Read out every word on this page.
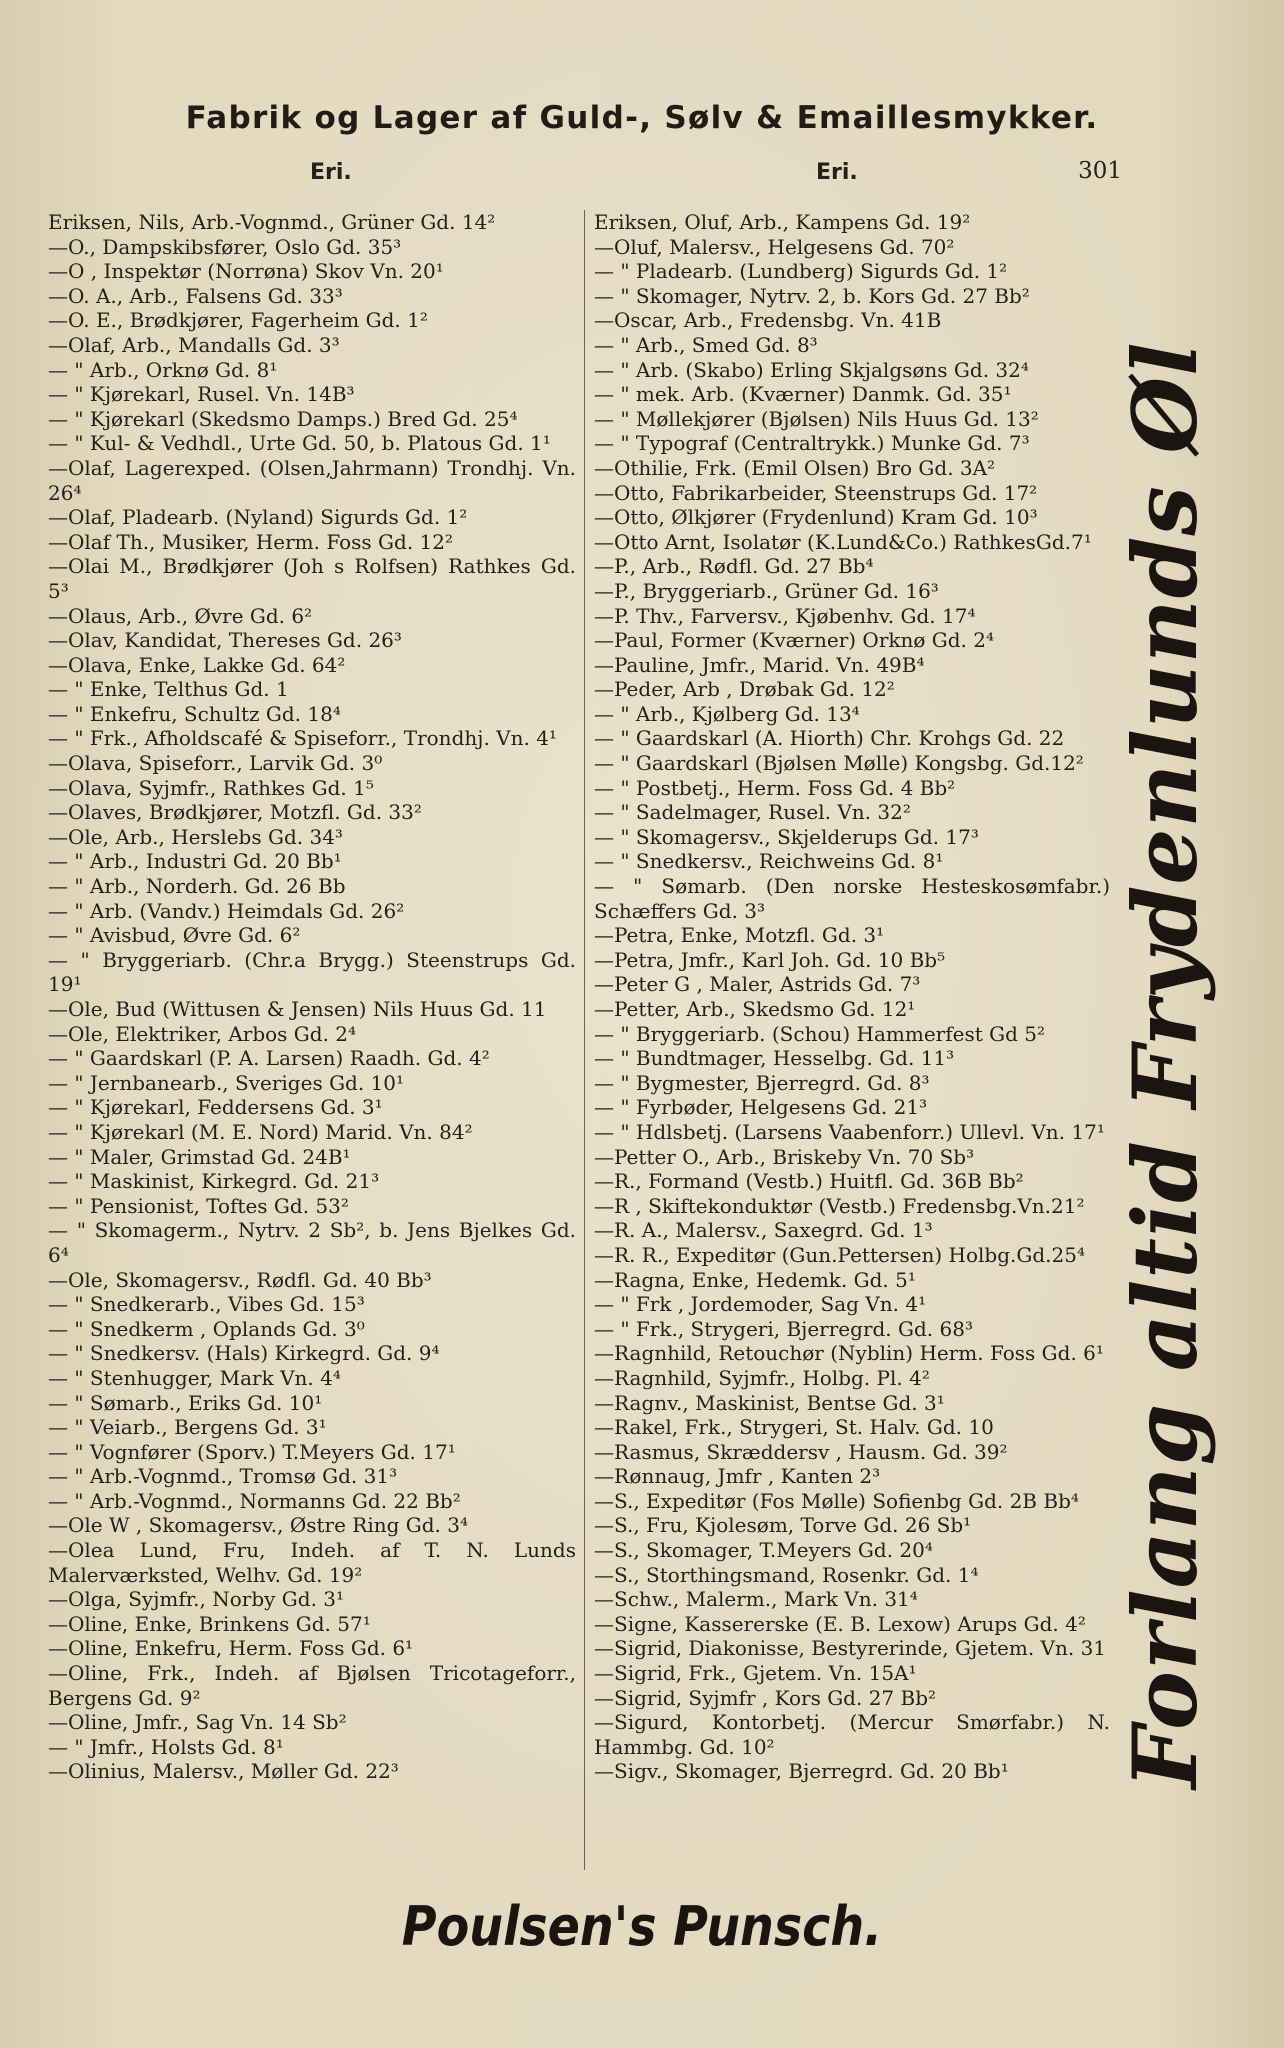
Fabrik og Lager af Guld-, Sølv & Emaillesmykker.
Eri.	Eri.	301
Eriksen, Nils, Arb.-Vognmd., Grüner Gd. 14²
—O., Dampskibsfører, Oslo Gd. 35³
—O , Inspektør (Norrøna) Skov Vn. 20¹
—O. A., Arb., Falsens Gd. 33³
—O. E., Brødkjører, Fagerheim Gd. 1²
—Olaf, Arb., Mandalls Gd. 3³
— " Arb., Orknø Gd. 8¹
— " Kjørekarl, Rusel. Vn. 14B³
— " Kjørekarl (Skedsmo Damps.) Bred Gd. 25⁴
— " Kul- & Vedhdl., Urte Gd. 50, b. Platous Gd. 1¹
—Olaf, Lagerexped. (Olsen,Jahrmann) Trondhj. Vn. 26⁴
—Olaf, Pladearb. (Nyland) Sigurds Gd. 1²
—Olaf Th., Musiker, Herm. Foss Gd. 12²
—Olai M., Brødkjører (Joh s Rolfsen) Rathkes Gd. 5³
—Olaus, Arb., Øvre Gd. 6²
—Olav, Kandidat, Thereses Gd. 26³
—Olava, Enke, Lakke Gd. 64²
— " Enke, Telthus Gd. 1
— " Enkefru, Schultz Gd. 18⁴
— " Frk., Afholdscafé & Spiseforr., Trondhj. Vn. 4¹
—Olava, Spiseforr., Larvik Gd. 3⁰
—Olava, Syjmfr., Rathkes Gd. 1⁵
—Olaves, Brødkjører, Motzfl. Gd. 33²
—Ole, Arb., Herslebs Gd. 34³
— " Arb., Industri Gd. 20 Bb¹
— " Arb., Norderh. Gd. 26 Bb
— " Arb. (Vandv.) Heimdals Gd. 26²
— " Avisbud, Øvre Gd. 6²
— " Bryggeriarb. (Chr.a Brygg.) Steenstrups Gd. 19¹
—Ole, Bud (Wittusen & Jensen) Nils Huus Gd. 11
—Ole, Elektriker, Arbos Gd. 2⁴
— " Gaardskarl (P. A. Larsen) Raadh. Gd. 4²
— " Jernbanearb., Sveriges Gd. 10¹
— " Kjørekarl, Feddersens Gd. 3¹
— " Kjørekarl (M. E. Nord) Marid. Vn. 84²
— " Maler, Grimstad Gd. 24B¹
— " Maskinist, Kirkegrd. Gd. 21³
— " Pensionist, Toftes Gd. 53²
— " Skomagerm., Nytrv. 2 Sb², b. Jens Bjelkes Gd. 6⁴
—Ole, Skomagersv., Rødfl. Gd. 40 Bb³
— " Snedkerarb., Vibes Gd. 15³
— " Snedkerm , Oplands Gd. 3⁰
— " Snedkersv. (Hals) Kirkegrd. Gd. 9⁴
— " Stenhugger, Mark Vn. 4⁴
— " Sømarb., Eriks Gd. 10¹
— " Veiarb., Bergens Gd. 3¹
— " Vognfører (Sporv.) T.Meyers Gd. 17¹
— " Arb.-Vognmd., Tromsø Gd. 31³
— " Arb.-Vognmd., Normanns Gd. 22 Bb²
—Ole W , Skomagersv., Østre Ring Gd. 3⁴
—Olea Lund, Fru, Indeh. af T. N. Lunds Malerværksted, Welhv. Gd. 19²
—Olga, Syjmfr., Norby Gd. 3¹
—Oline, Enke, Brinkens Gd. 57¹
—Oline, Enkefru, Herm. Foss Gd. 6¹
—Oline, Frk., Indeh. af Bjølsen Tricotageforr., Bergens Gd. 9²
—Oline, Jmfr., Sag Vn. 14 Sb²
— " Jmfr., Holsts Gd. 8¹
—Olinius, Malersv., Møller Gd. 22³
Eriksen, Oluf, Arb., Kampens Gd. 19²
—Oluf, Malersv., Helgesens Gd. 70²
— " Pladearb. (Lundberg) Sigurds Gd. 1²
— " Skomager, Nytrv. 2, b. Kors Gd. 27 Bb²
—Oscar, Arb., Fredensbg. Vn. 41B
— " Arb., Smed Gd. 8³
— " Arb. (Skabo) Erling Skjalgsøns Gd. 32⁴
— " mek. Arb. (Kværner) Danmk. Gd. 35¹
— " Møllekjører (Bjølsen) Nils Huus Gd. 13²
— " Typograf (Centraltrykk.) Munke Gd. 7³
—Othilie, Frk. (Emil Olsen) Bro Gd. 3A²
—Otto, Fabrikarbeider, Steenstrups Gd. 17²
—Otto, Ølkjører (Frydenlund) Kram Gd. 10³
—Otto Arnt, Isolatør (K.Lund&Co.) RathkesGd.7¹
—P., Arb., Rødfl. Gd. 27 Bb⁴
—P., Bryggeriarb., Grüner Gd. 16³
—P. Thv., Farversv., Kjøbenhv. Gd. 17⁴
—Paul, Former (Kværner) Orknø Gd. 2⁴
—Pauline, Jmfr., Marid. Vn. 49B⁴
—Peder, Arb , Drøbak Gd. 12²
— " Arb., Kjølberg Gd. 13⁴
— " Gaardskarl (A. Hiorth) Chr. Krohgs Gd. 22
— " Gaardskarl (Bjølsen Mølle) Kongsbg. Gd.12²
— " Postbetj., Herm. Foss Gd. 4 Bb²
— " Sadelmager, Rusel. Vn. 32²
— " Skomagersv., Skjelderups Gd. 17³
— " Snedkersv., Reichweins Gd. 8¹
— " Sømarb. (Den norske Hesteskosømfabr.) Schæffers Gd. 3³
—Petra, Enke, Motzfl. Gd. 3¹
—Petra, Jmfr., Karl Joh. Gd. 10 Bb⁵
—Peter G , Maler, Astrids Gd. 7³
—Petter, Arb., Skedsmo Gd. 12¹
— " Bryggeriarb. (Schou) Hammerfest Gd 5²
— " Bundtmager, Hesselbg. Gd. 11³
— " Bygmester, Bjerregrd. Gd. 8³
— " Fyrbøder, Helgesens Gd. 21³
— " Hdlsbetj. (Larsens Vaabenforr.) Ullevl. Vn. 17¹
—Petter O., Arb., Briskeby Vn. 70 Sb³
—R., Formand (Vestb.) Huitfl. Gd. 36B Bb²
—R , Skiftekonduktør (Vestb.) Fredensbg.Vn.21²
—R. A., Malersv., Saxegrd. Gd. 1³
—R. R., Expeditør (Gun.Pettersen) Holbg.Gd.25⁴
—Ragna, Enke, Hedemk. Gd. 5¹
— " Frk , Jordemoder, Sag Vn. 4¹
— " Frk., Strygeri, Bjerregrd. Gd. 68³
—Ragnhild, Retouchør (Nyblin) Herm. Foss Gd. 6¹
—Ragnhild, Syjmfr., Holbg. Pl. 4²
—Ragnv., Maskinist, Bentse Gd. 3¹
—Rakel, Frk., Strygeri, St. Halv. Gd. 10
—Rasmus, Skræddersv , Hausm. Gd. 39²
—Rønnaug, Jmfr , Kanten 2³
—S., Expeditør (Fos Mølle) Sofienbg Gd. 2B Bb⁴
—S., Fru, Kjolesøm, Torve Gd. 26 Sb¹
—S., Skomager, T.Meyers Gd. 20⁴
—S., Storthingsmand, Rosenkr. Gd. 1⁴
—Schw., Malerm., Mark Vn. 31⁴
—Signe, Kassererske (E. B. Lexow) Arups Gd. 4²
—Sigrid, Diakonisse, Bestyrerinde, Gjetem. Vn. 31
—Sigrid, Frk., Gjetem. Vn. 15A¹
—Sigrid, Syjmfr , Kors Gd. 27 Bb²
—Sigurd, Kontorbetj. (Mercur Smørfabr.) N. Hammbg. Gd. 10²
—Sigv., Skomager, Bjerregrd. Gd. 20 Bb¹	Forlang altid Frydenlunds Øl
Poulsen's Punsch.
